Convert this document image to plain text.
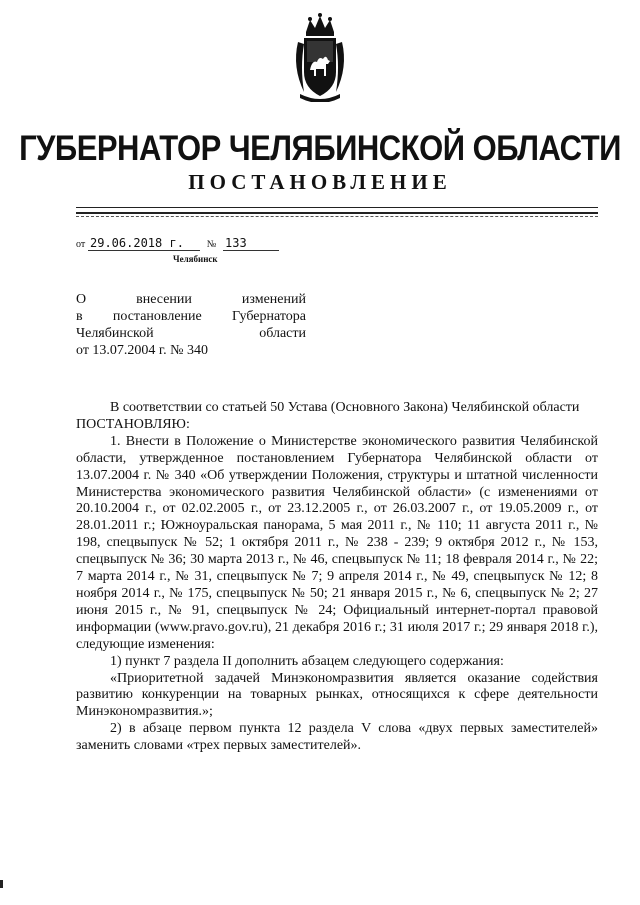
ГУБЕРНАТОР ЧЕЛЯБИНСКОЙ ОБЛАСТИ
ПОСТАНОВЛЕНИЕ
от 29.06.2018 г. № 133
Челябинск
О внесении изменений
в постановление Губернатора
Челябинской области
от 13.07.2004 г. № 340

В соответствии со статьей 50 Устава (Основного Закона) Челябинской области

ПОСТАНОВЛЯЮ:

1. Внести в Положение о Министерстве экономического развития Челябинской области, утвержденное постановлением Губернатора Челябинской области от 13.07.2004 г. № 340 «Об утверждении Положения, структуры и штатной численности Министерства экономического развития Челябинской области» (с изменениями от 20.10.2004 г., от 02.02.2005 г., от 23.12.2005 г., от 26.03.2007 г., от 19.05.2009 г., от 28.01.2011 г.; Южноуральская панорама, 5 мая 2011 г., № 110; 11 августа 2011 г., № 198, спецвыпуск № 52; 1 октября 2011 г., № 238 - 239; 9 октября 2012 г., № 153, спецвыпуск № 36; 30 марта 2013 г., № 46, спецвыпуск № 11; 18 февраля 2014 г., № 22; 7 марта 2014 г., № 31, спецвыпуск № 7; 9 апреля 2014 г., № 49, спецвыпуск № 12; 8 ноября 2014 г., № 175, спецвыпуск № 50; 21 января 2015 г., № 6, спецвыпуск № 2; 27 июня 2015 г., № 91, спецвыпуск № 24; Официальный интернет-портал правовой информации (www.pravo.gov.ru), 21 декабря 2016 г.; 31 июля 2017 г.; 29 января 2018 г.), следующие изменения:

1) пункт 7 раздела II дополнить абзацем следующего содержания:

«Приоритетной задачей Минэкономразвития является оказание содействия развитию конкуренции на товарных рынках, относящихся к сфере деятельности Минэкономразвития.»;

2) в абзаце первом пункта 12 раздела V слова «двух первых заместителей» заменить словами «трех первых заместителей».
